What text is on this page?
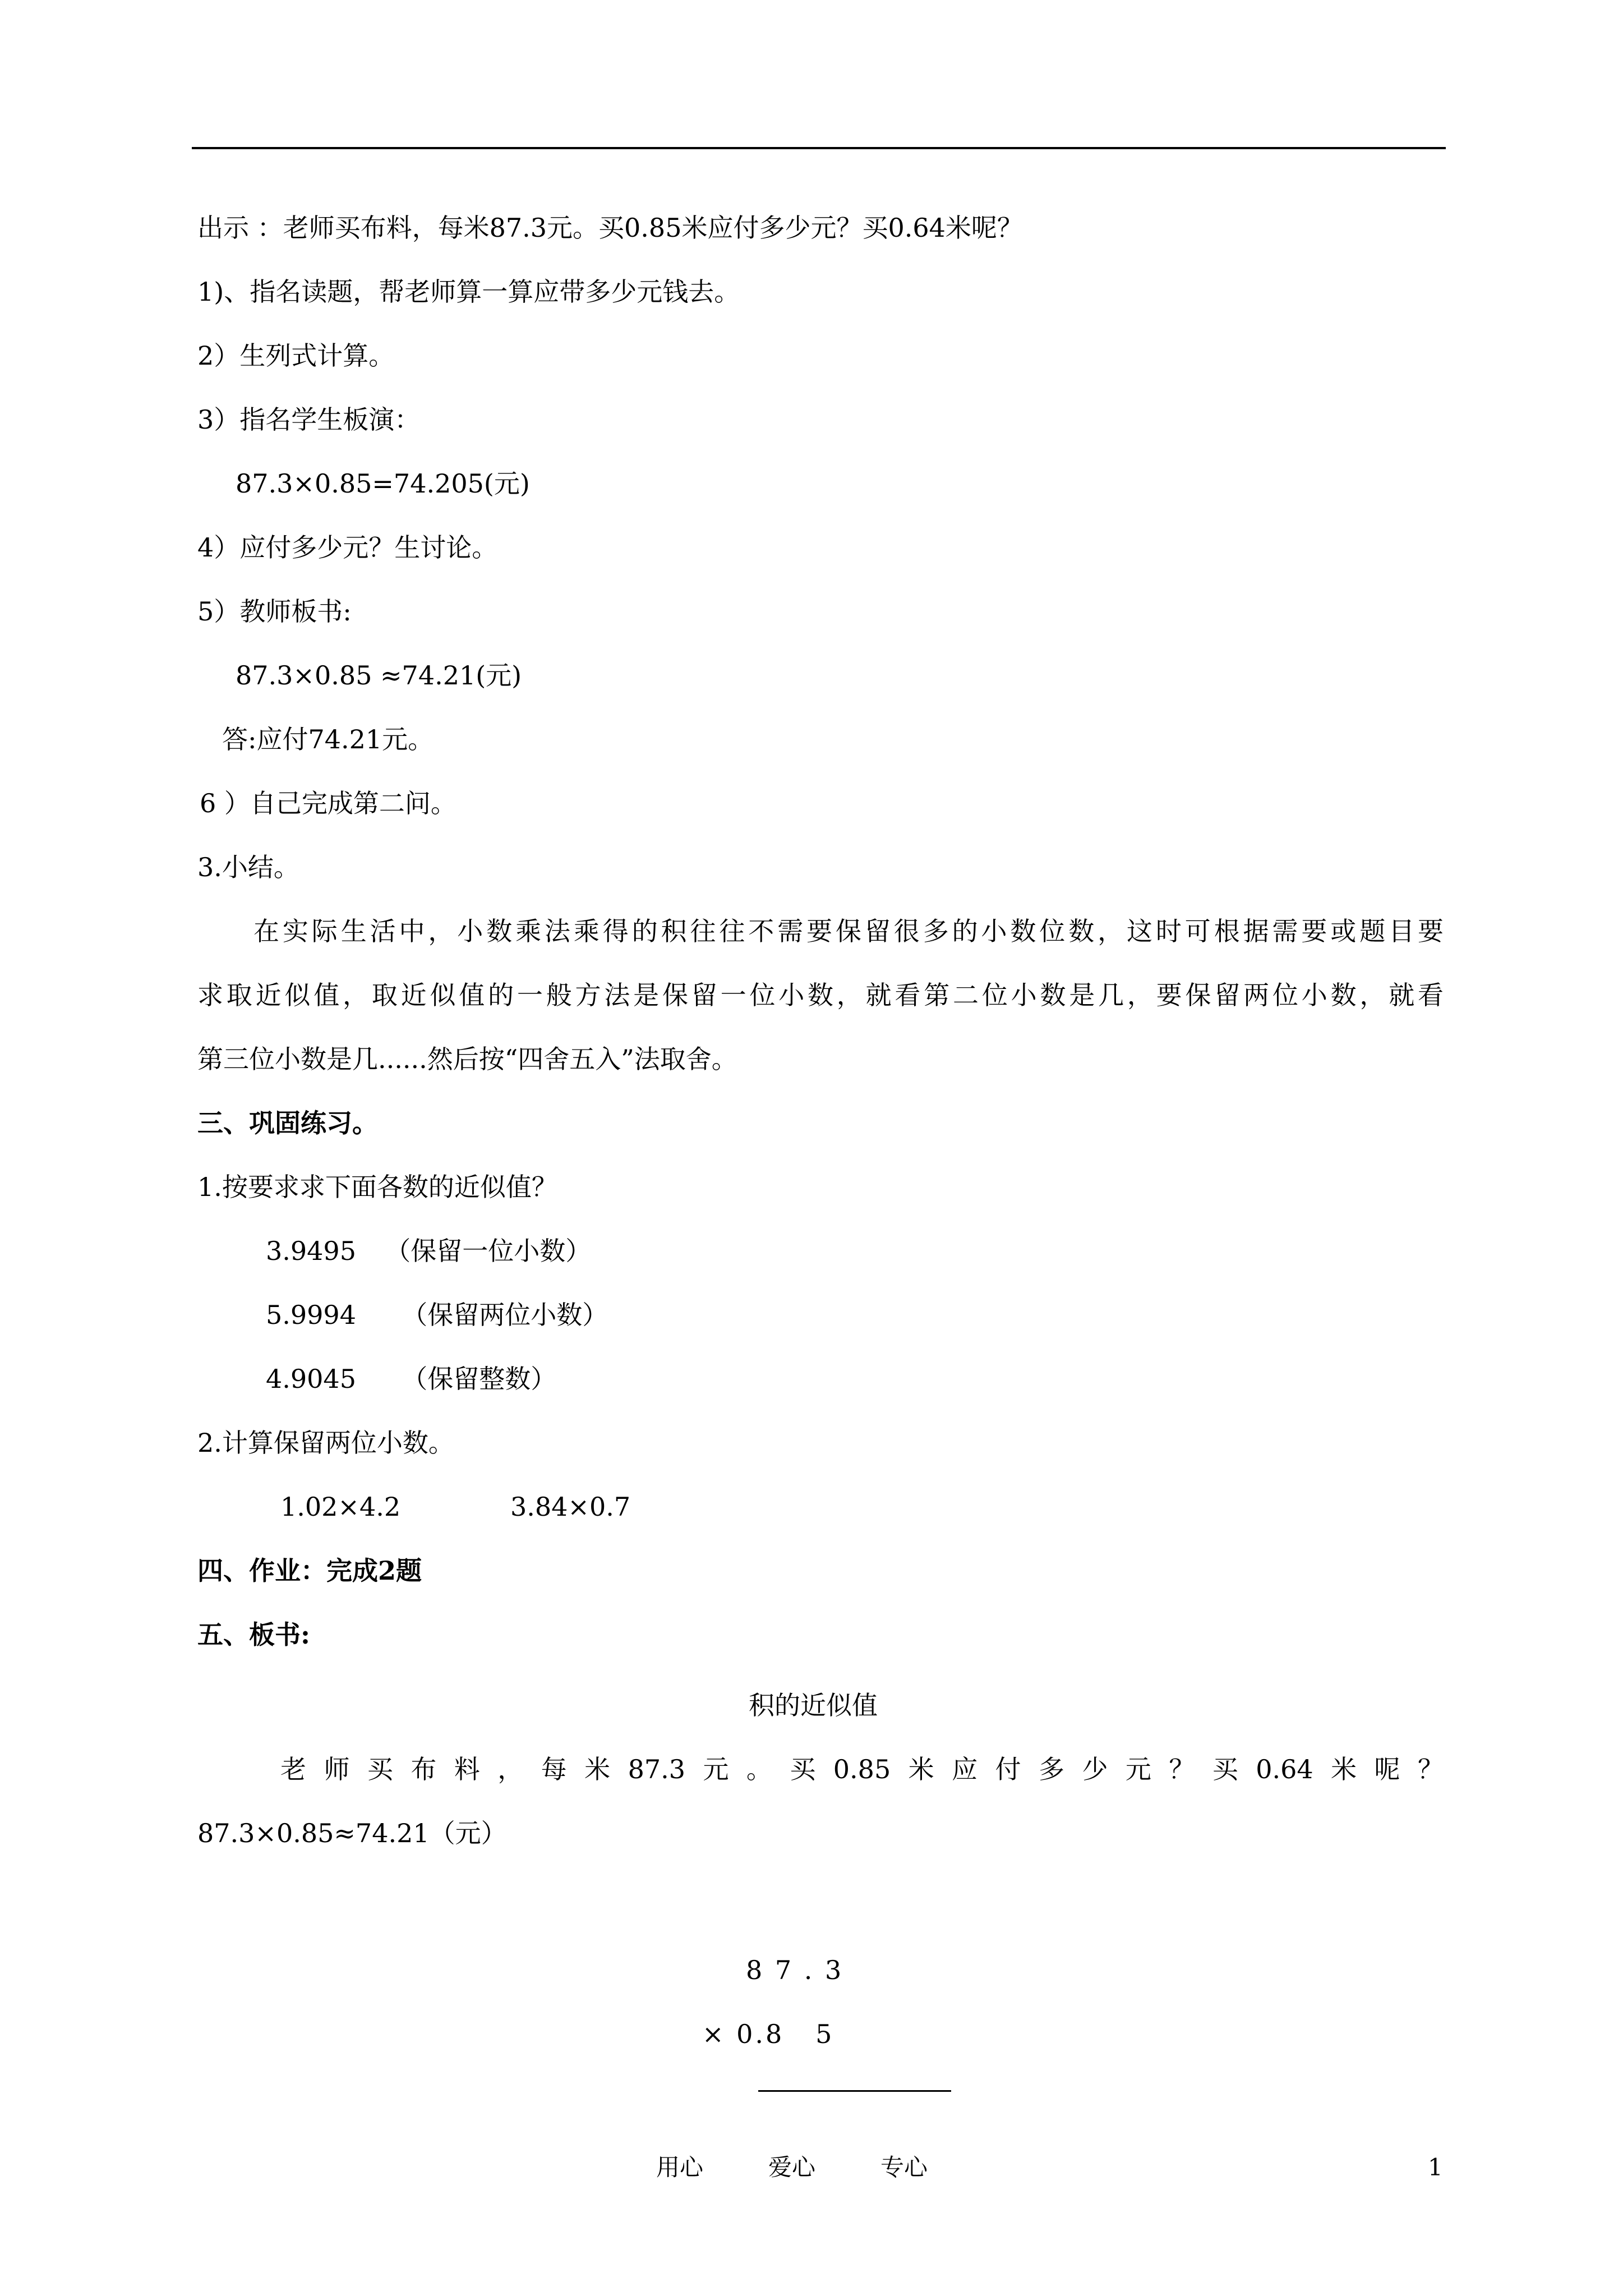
出示 ：老师买布料，每米87.3元。买0.85米应付多少元？买0.64米呢？
1)、指名读题，帮老师算一算应带多少元钱去。
2）生列式计算。
3）指名学生板演：
87.3×0.85=74.205(元)
4）应付多少元？生讨论。
5）教师板书:
87.3×0.85 ≈74.21(元)
答:应付74.21元。
6 ）自己完成第二问。
3.小结。
在实际生活中，小数乘法乘得的积往往不需要保留很多的小数位数，这时可根据需要或题目要
求取近似值，取近似值的一般方法是保留一位小数，就看第二位小数是几，要保留两位小数，就看
第三位小数是几......然后按“四舍五入”法取舍。
三、巩固练习。
1.按要求求下面各数的近似值？
3.9495 （保留一位小数）
5.9994 （保留两位小数）
4.9045 （保留整数）
2.计算保留两位小数。
1.02×4.2	3.84×0.7
四、作业：完成2题
五、板书:
积的近似值
老师买布料，每米87.3元。买0.85米应付多少元？买0.64米呢？
87.3×0.85≈74.21（元）
8 7 . 3
× 0.8   5
用心	爱心	专心	1
